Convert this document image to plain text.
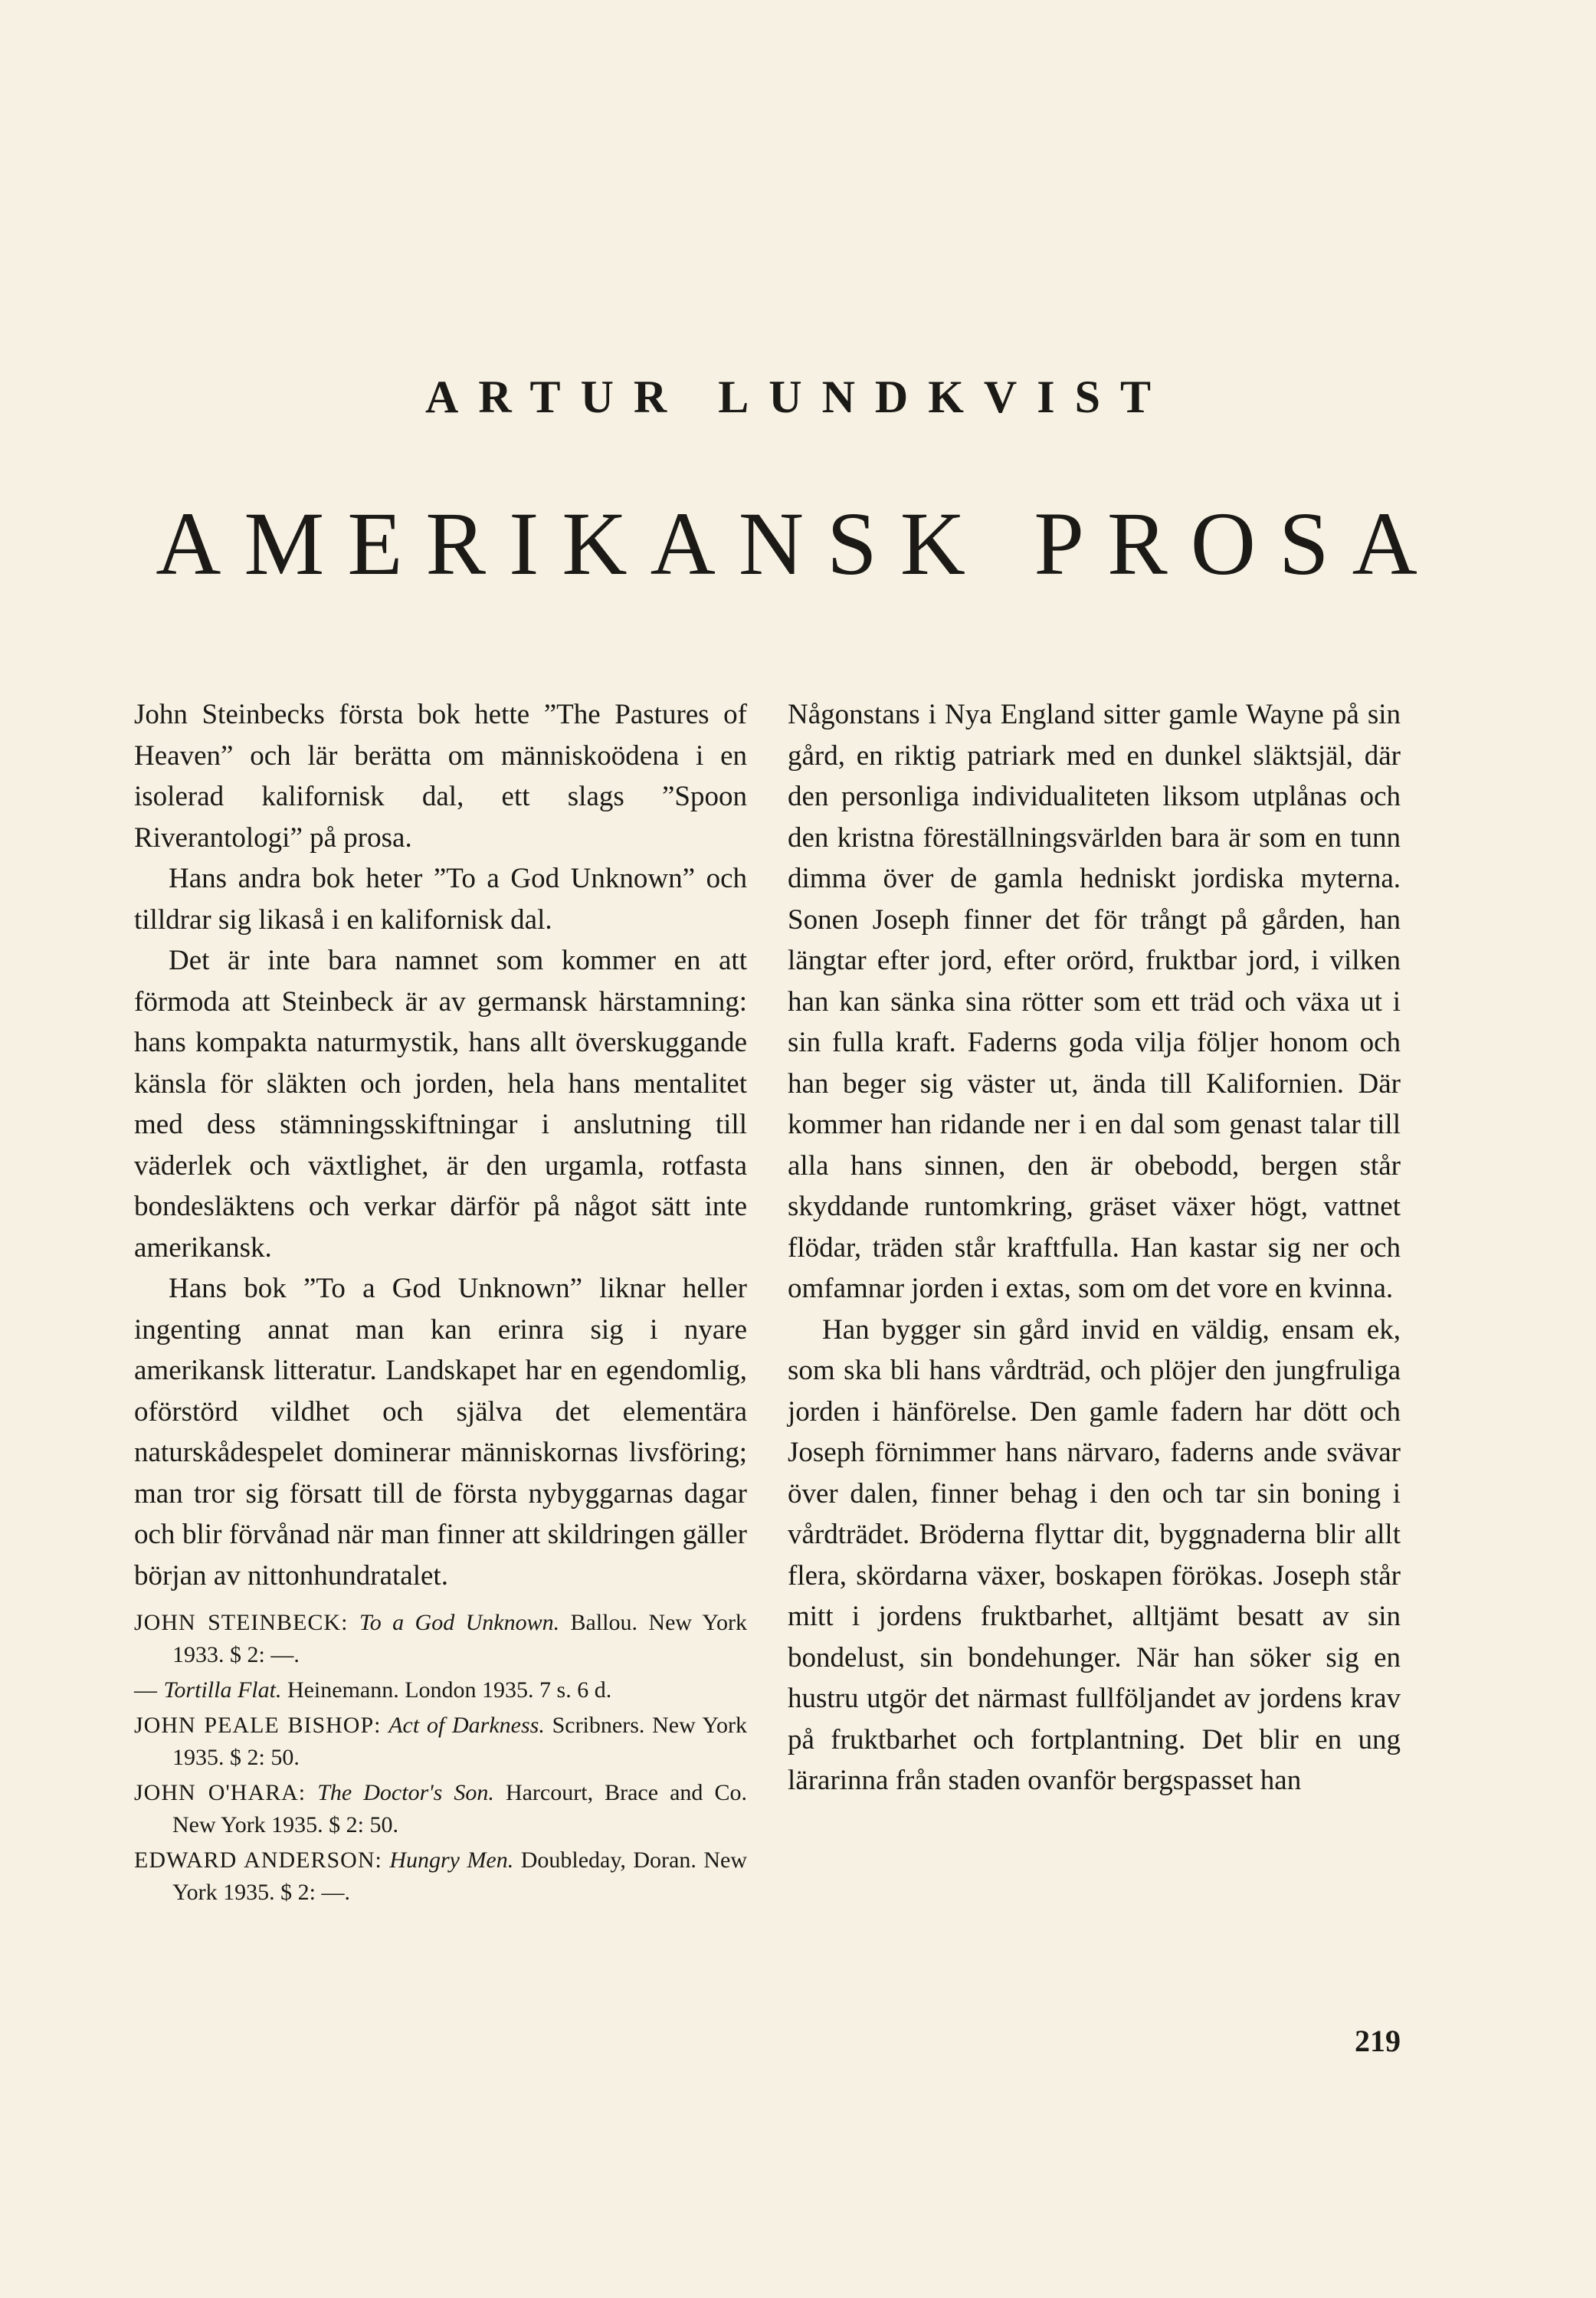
ARTUR LUNDKVIST
AMERIKANSK PROSA

John Steinbecks första bok hette ”The Pastures of Heaven” och lär berätta om människoödena i en isolerad kalifornisk dal, ett slags ”Spoon Riverantologi” på prosa.

Hans andra bok heter ”To a God Unknown” och tilldrar sig likaså i en kalifornisk dal.

Det är inte bara namnet som kommer en att förmoda att Steinbeck är av germansk härstamning: hans kompakta naturmystik, hans allt överskuggande känsla för släkten och jorden, hela hans mentalitet med dess stämningsskiftningar i anslutning till väderlek och växtlighet, är den urgamla, rotfasta bondesläktens och verkar därför på något sätt inte amerikansk.

Hans bok ”To a God Unknown” liknar heller ingenting annat man kan erinra sig i nyare amerikansk litteratur. Landskapet har en egendomlig, oförstörd vildhet och själva det elementära naturskådespelet dominerar människornas livsföring; man tror sig försatt till de första nybyggarnas dagar och blir förvånad när man finner att skildringen gäller början av nittonhundratalet.

JOHN STEINBECK: To a God Unknown. Ballou. New York 1933. $ 2: —.
— Tortilla Flat. Heinemann. London 1935. 7 s. 6 d.
JOHN PEALE BISHOP: Act of Darkness. Scribners. New York 1935. $ 2: 50.
JOHN O'HARA: The Doctor's Son. Harcourt, Brace and Co. New York 1935. $ 2: 50.
EDWARD ANDERSON: Hungry Men. Doubleday, Doran. New York 1935. $ 2: —.

Någonstans i Nya England sitter gamle Wayne på sin gård, en riktig patriark med en dunkel släktsjäl, där den personliga individualiteten liksom utplånas och den kristna föreställningsvärlden bara är som en tunn dimma över de gamla hedniskt jordiska myterna. Sonen Joseph finner det för trångt på gården, han längtar efter jord, efter orörd, fruktbar jord, i vilken han kan sänka sina rötter som ett träd och växa ut i sin fulla kraft. Faderns goda vilja följer honom och han beger sig väster ut, ända till Kalifornien. Där kommer han ridande ner i en dal som genast talar till alla hans sinnen, den är obebodd, bergen står skyddande runtomkring, gräset växer högt, vattnet flödar, träden står kraftfulla. Han kastar sig ner och omfamnar jorden i extas, som om det vore en kvinna.

Han bygger sin gård invid en väldig, ensam ek, som ska bli hans vårdträd, och plöjer den jungfruliga jorden i hänförelse. Den gamle fadern har dött och Joseph förnimmer hans närvaro, faderns ande svävar över dalen, finner behag i den och tar sin boning i vårdträdet. Bröderna flyttar dit, byggnaderna blir allt flera, skördarna växer, boskapen förökas. Joseph står mitt i jordens fruktbarhet, alltjämt besatt av sin bondelust, sin bondehunger. När han söker sig en hustru utgör det närmast fullföljandet av jordens krav på fruktbarhet och fortplantning. Det blir en ung lärarinna från staden ovanför bergspasset han

219
